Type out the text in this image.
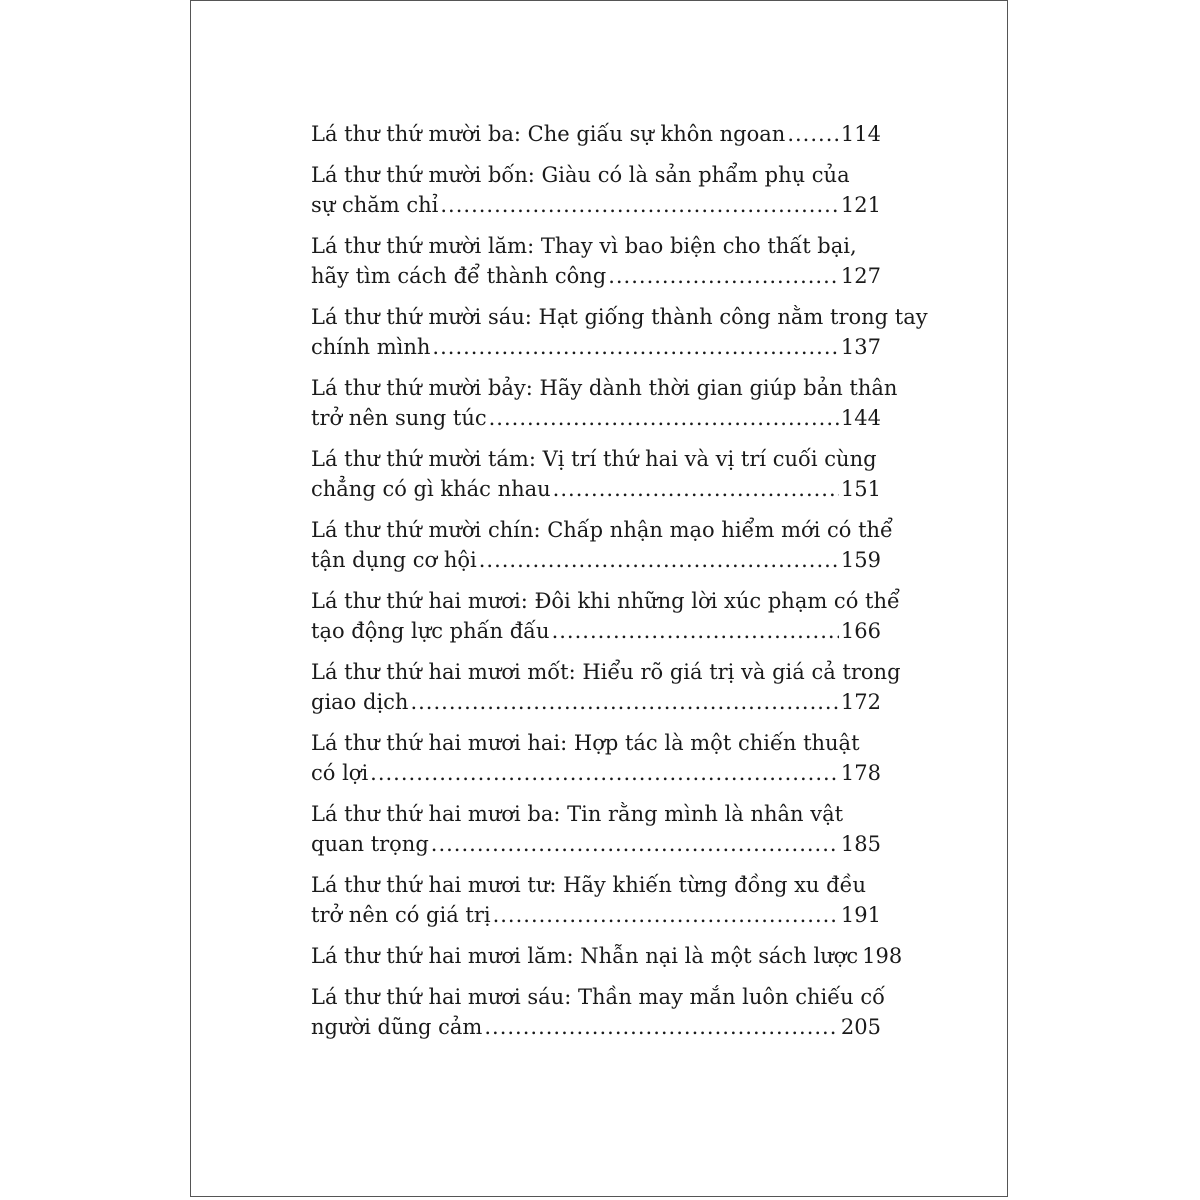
Lá thư thứ mười ba: Che giấu sự khôn ngoan .....	114
Lá thư thứ mười bốn: Giàu có là sản phẩm phụ của
sự chăm chỉ .....	121
Lá thư thứ mười lăm: Thay vì bao biện cho thất bại,
hãy tìm cách để thành công .....	127
Lá thư thứ mười sáu: Hạt giống thành công nằm trong tay
chính mình .....	137
Lá thư thứ mười bảy: Hãy dành thời gian giúp bản thân
trở nên sung túc .....	144
Lá thư thứ mười tám: Vị trí thứ hai và vị trí cuối cùng
chẳng có gì khác nhau .....	151
Lá thư thứ mười chín: Chấp nhận mạo hiểm mới có thể
tận dụng cơ hội .....	159
Lá thư thứ hai mươi: Đôi khi những lời xúc phạm có thể
tạo động lực phấn đấu .....	166
Lá thư thứ hai mươi mốt: Hiểu rõ giá trị và giá cả trong
giao dịch .....	172
Lá thư thứ hai mươi hai: Hợp tác là một chiến thuật
có lợi .....	178
Lá thư thứ hai mươi ba: Tin rằng mình là nhân vật
quan trọng .....	185
Lá thư thứ hai mươi tư: Hãy khiến từng đồng xu đều
trở nên có giá trị .....	191
Lá thư thứ hai mươi lăm: Nhẫn nại là một sách lược 198
Lá thư thứ hai mươi sáu: Thần may mắn luôn chiếu cố
người dũng cảm .....	205
